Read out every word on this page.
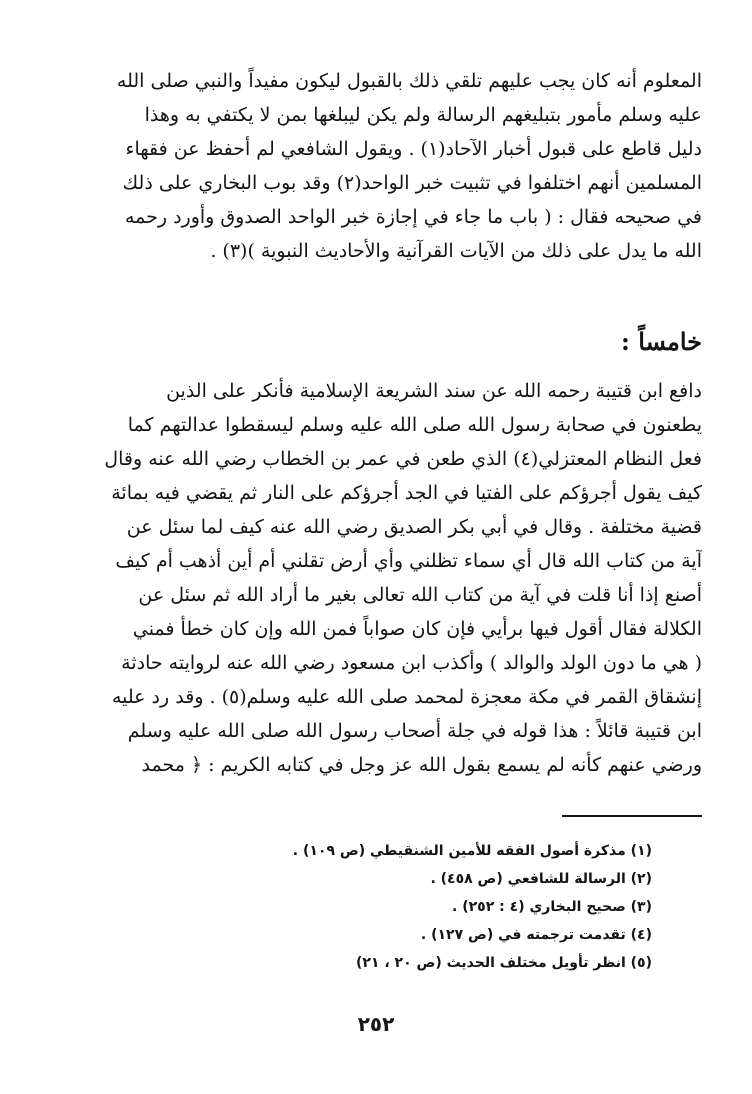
المعلوم أنه كان يجب عليهم تلقي ذلك بالقبول ليكون مفيداً والنبي صلى الله
عليه وسلم مأمور بتبليغهم الرسالة ولم يكن ليبلغها بمن لا يكتفي به وهذا
دليل قاطع على قبول أخبار الآحاد(١) . ويقول الشافعي لم أحفظ عن فقهاء
المسلمين أنهم اختلفوا في تثبيت خبر الواحد(٢) وقد بوب البخاري على ذلك
في صحيحه فقال : ( باب ما جاء في إجازة خبر الواحد الصدوق وأورد رحمه
الله ما يدل على ذلك من الآيات القرآنية والأحاديث النبوية )(٣) .
خامساً :
دافع ابن قتيبة رحمه الله عن سند الشريعة الإسلامية فأنكر على الذين
يطعنون في صحابة رسول الله صلى الله عليه وسلم ليسقطوا عدالتهم كما
فعل النظام المعتزلي(٤) الذي طعن في عمر بن الخطاب رضي الله عنه وقال
كيف يقول أجرؤكم على الفتيا في الجد أجرؤكم على النار ثم يقضي فيه بمائة
قضية مختلفة . وقال في أبي بكر الصديق رضي الله عنه كيف لما سئل عن
آية من كتاب الله قال أي سماء تظلني وأي أرض تقلني أم أين أذهب أم كيف
أصنع إذا أنا قلت في آية من كتاب الله تعالى بغير ما أراد الله ثم سئل عن
الكلالة فقال أقول فيها برأيي فإن كان صواباً فمن الله وإن كان خطأ فمني
( هي ما دون الولد والوالد ) وأكذب ابن مسعود رضي الله عنه لروايته حادثة
إنشقاق القمر في مكة معجزة لمحمد صلى الله عليه وسلم(٥) . وقد رد عليه
ابن قتيبة قائلاً : هذا قوله في جلة أصحاب رسول الله صلى الله عليه وسلم
ورضي عنهم كأنه لم يسمع بقول الله عز وجل في كتابه الكريم : ﴿ محمد
(١) مذكرة أصول الفقه للأمين الشنقيطي (ص ١٠٩) .
(٢) الرسالة للشافعي (ص ٤٥٨) .
(٣) صحيح البخاري (٤ : ٢٥٢) .
(٤) تقدمت ترجمته في (ص ١٢٧) .
(٥) انظر تأويل مختلف الحديث (ص ٢٠ ، ٢١)
٢٥٢
